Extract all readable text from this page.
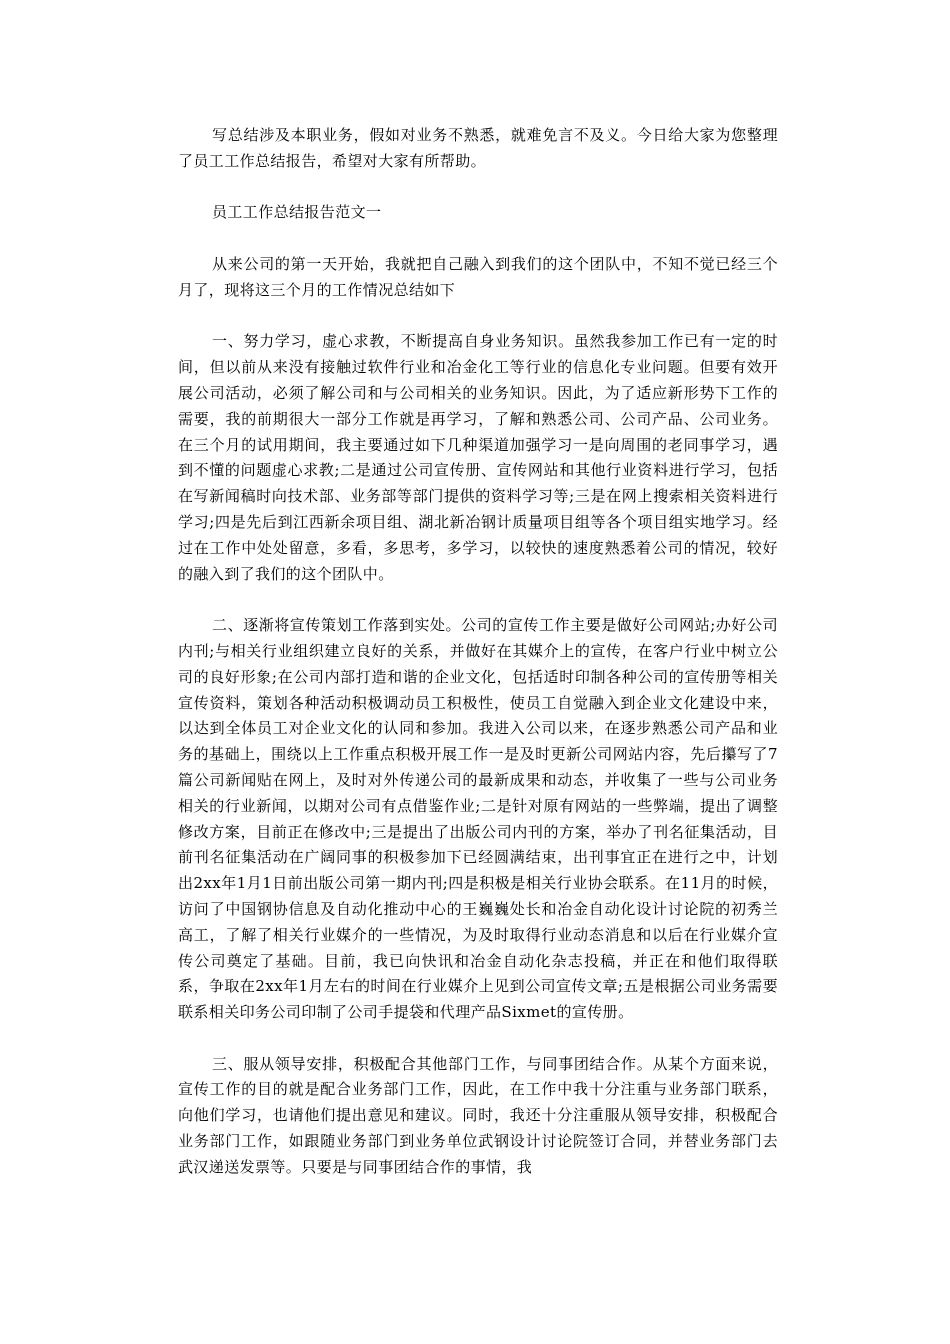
写总结涉及本职业务，假如对业务不熟悉，就难免言不及义。今日给大家为您整理了员工工作总结报告，希望对大家有所帮助。

员工工作总结报告范文一

从来公司的第一天开始，我就把自己融入到我们的这个团队中，不知不觉已经三个月了，现将这三个月的工作情况总结如下

一、努力学习，虚心求教，不断提高自身业务知识。虽然我参加工作已有一定的时间，但以前从来没有接触过软件行业和冶金化工等行业的信息化专业问题。但要有效开展公司活动，必须了解公司和与公司相关的业务知识。因此，为了适应新形势下工作的需要，我的前期很大一部分工作就是再学习，了解和熟悉公司、公司产品、公司业务。在三个月的试用期间，我主要通过如下几种渠道加强学习一是向周围的老同事学习，遇到不懂的问题虚心求教;二是通过公司宣传册、宣传网站和其他行业资料进行学习，包括在写新闻稿时向技术部、业务部等部门提供的资料学习等;三是在网上搜索相关资料进行学习;四是先后到江西新余项目组、湖北新冶钢计质量项目组等各个项目组实地学习。经过在工作中处处留意，多看，多思考，多学习，以较快的速度熟悉着公司的情况，较好的融入到了我们的这个团队中。

二、逐渐将宣传策划工作落到实处。公司的宣传工作主要是做好公司网站;办好公司内刊;与相关行业组织建立良好的关系，并做好在其媒介上的宣传，在客户行业中树立公司的良好形象;在公司内部打造和谐的企业文化，包括适时印制各种公司的宣传册等相关宣传资料，策划各种活动积极调动员工积极性，使员工自觉融入到企业文化建设中来，以达到全体员工对企业文化的认同和参加。我进入公司以来，在逐步熟悉公司产品和业务的基础上，围绕以上工作重点积极开展工作一是及时更新公司网站内容，先后攥写了7篇公司新闻贴在网上，及时对外传递公司的最新成果和动态，并收集了一些与公司业务相关的行业新闻，以期对公司有点借鉴作业;二是针对原有网站的一些弊端，提出了调整修改方案，目前正在修改中;三是提出了出版公司内刊的方案，举办了刊名征集活动，目前刊名征集活动在广阔同事的积极参加下已经圆满结束，出刊事宜正在进行之中，计划出2xx年1月1日前出版公司第一期内刊;四是积极是相关行业协会联系。在11月的时候，访问了中国钢协信息及自动化推动中心的王巍巍处长和冶金自动化设计讨论院的初秀兰高工，了解了相关行业媒介的一些情况，为及时取得行业动态消息和以后在行业媒介宣传公司奠定了基础。目前，我已向快讯和冶金自动化杂志投稿，并正在和他们取得联系，争取在2xx年1月左右的时间在行业媒介上见到公司宣传文章;五是根据公司业务需要联系相关印务公司印制了公司手提袋和代理产品Sixmet的宣传册。

三、服从领导安排，积极配合其他部门工作，与同事团结合作。从某个方面来说，宣传工作的目的就是配合业务部门工作，因此，在工作中我十分注重与业务部门联系，向他们学习，也请他们提出意见和建议。同时，我还十分注重服从领导安排，积极配合业务部门工作，如跟随业务部门到业务单位武钢设计讨论院签订合同，并替业务部门去武汉递送发票等。只要是与同事团结合作的事情，我
